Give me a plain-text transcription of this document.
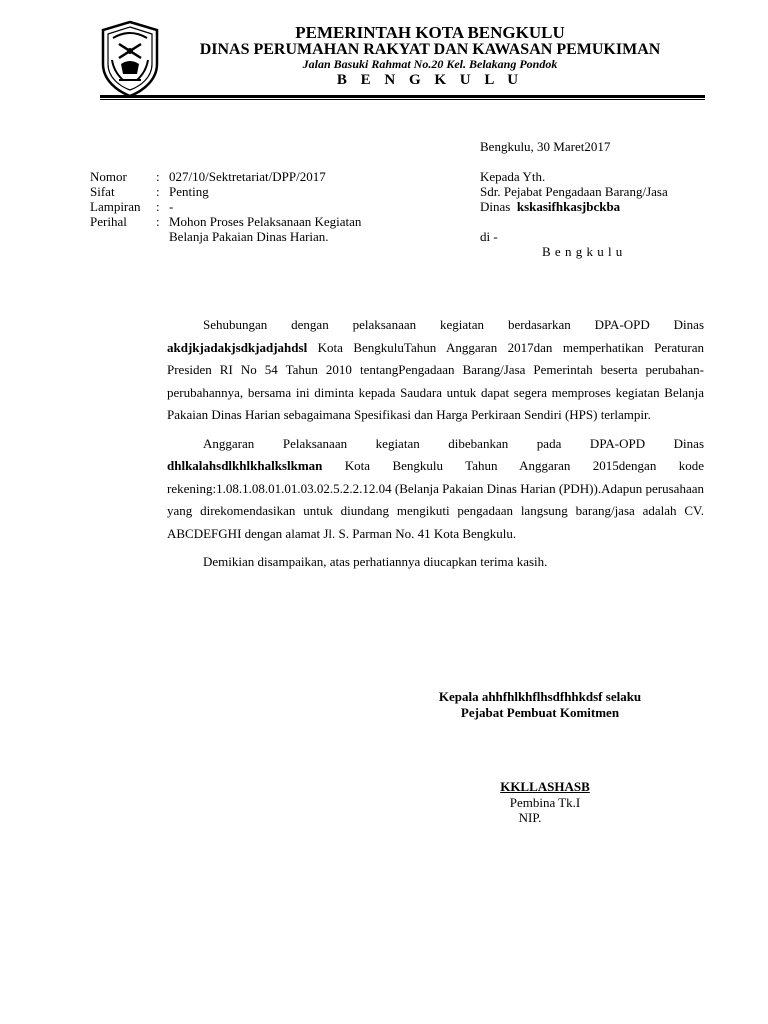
PEMERINTAH KOTA BENGKULU
DINAS PERUMAHAN RAKYAT DAN KAWASAN PEMUKIMAN
Jalan Basuki Rahmat No.20 Kel. Belakang Pondok
B E N G K U L U
Bengkulu, 30 Maret2017
Nomor : 027/10/Sektretariat/DPP/2017
Sifat	: Penting
Lampiran : -
Perihal : Mohon Proses Pelaksanaan Kegiatan
Belanja Pakaian Dinas Harian.
Kepada Yth.
Sdr. Pejabat Pengadaan Barang/Jasa
Dinas kskasifhkasjbckba
di -
B e n g k u l u

Sehubungan dengan pelaksanaan kegiatan berdasarkan DPA-OPD Dinas akdjkjadakjsdkjadjahdsl Kota BengkuluTahun Anggaran 2017dan memperhatikan Peraturan Presiden RI No 54 Tahun 2010 tentangPengadaan Barang/Jasa Pemerintah beserta perubahan-perubahannya, bersama ini diminta kepada Saudara untuk dapat segera memproses kegiatan Belanja Pakaian Dinas Harian sebagaimana Spesifikasi dan Harga Perkiraan Sendiri (HPS) terlampir.

Anggaran Pelaksanaan kegiatan dibebankan pada DPA-OPD Dinas dhlkalahsdlkhlkhalkslkman Kota Bengkulu Tahun Anggaran 2015dengan kode rekening:1.08.1.08.01.01.03.02.5.2.2.12.04 (Belanja Pakaian Dinas Harian (PDH)).Adapun perusahaan yang direkomendasikan untuk diundang mengikuti pengadaan langsung barang/jasa adalah CV. ABCDEFGHI dengan alamat Jl. S. Parman No. 41 Kota Bengkulu.

Demikian disampaikan, atas perhatiannya diucapkan terima kasih.

Kepala ahhfhlkhflhsdfhhkdsf selaku
Pejabat Pembuat Komitmen
KKLLASHASB
Pembina Tk.I
NIP.
